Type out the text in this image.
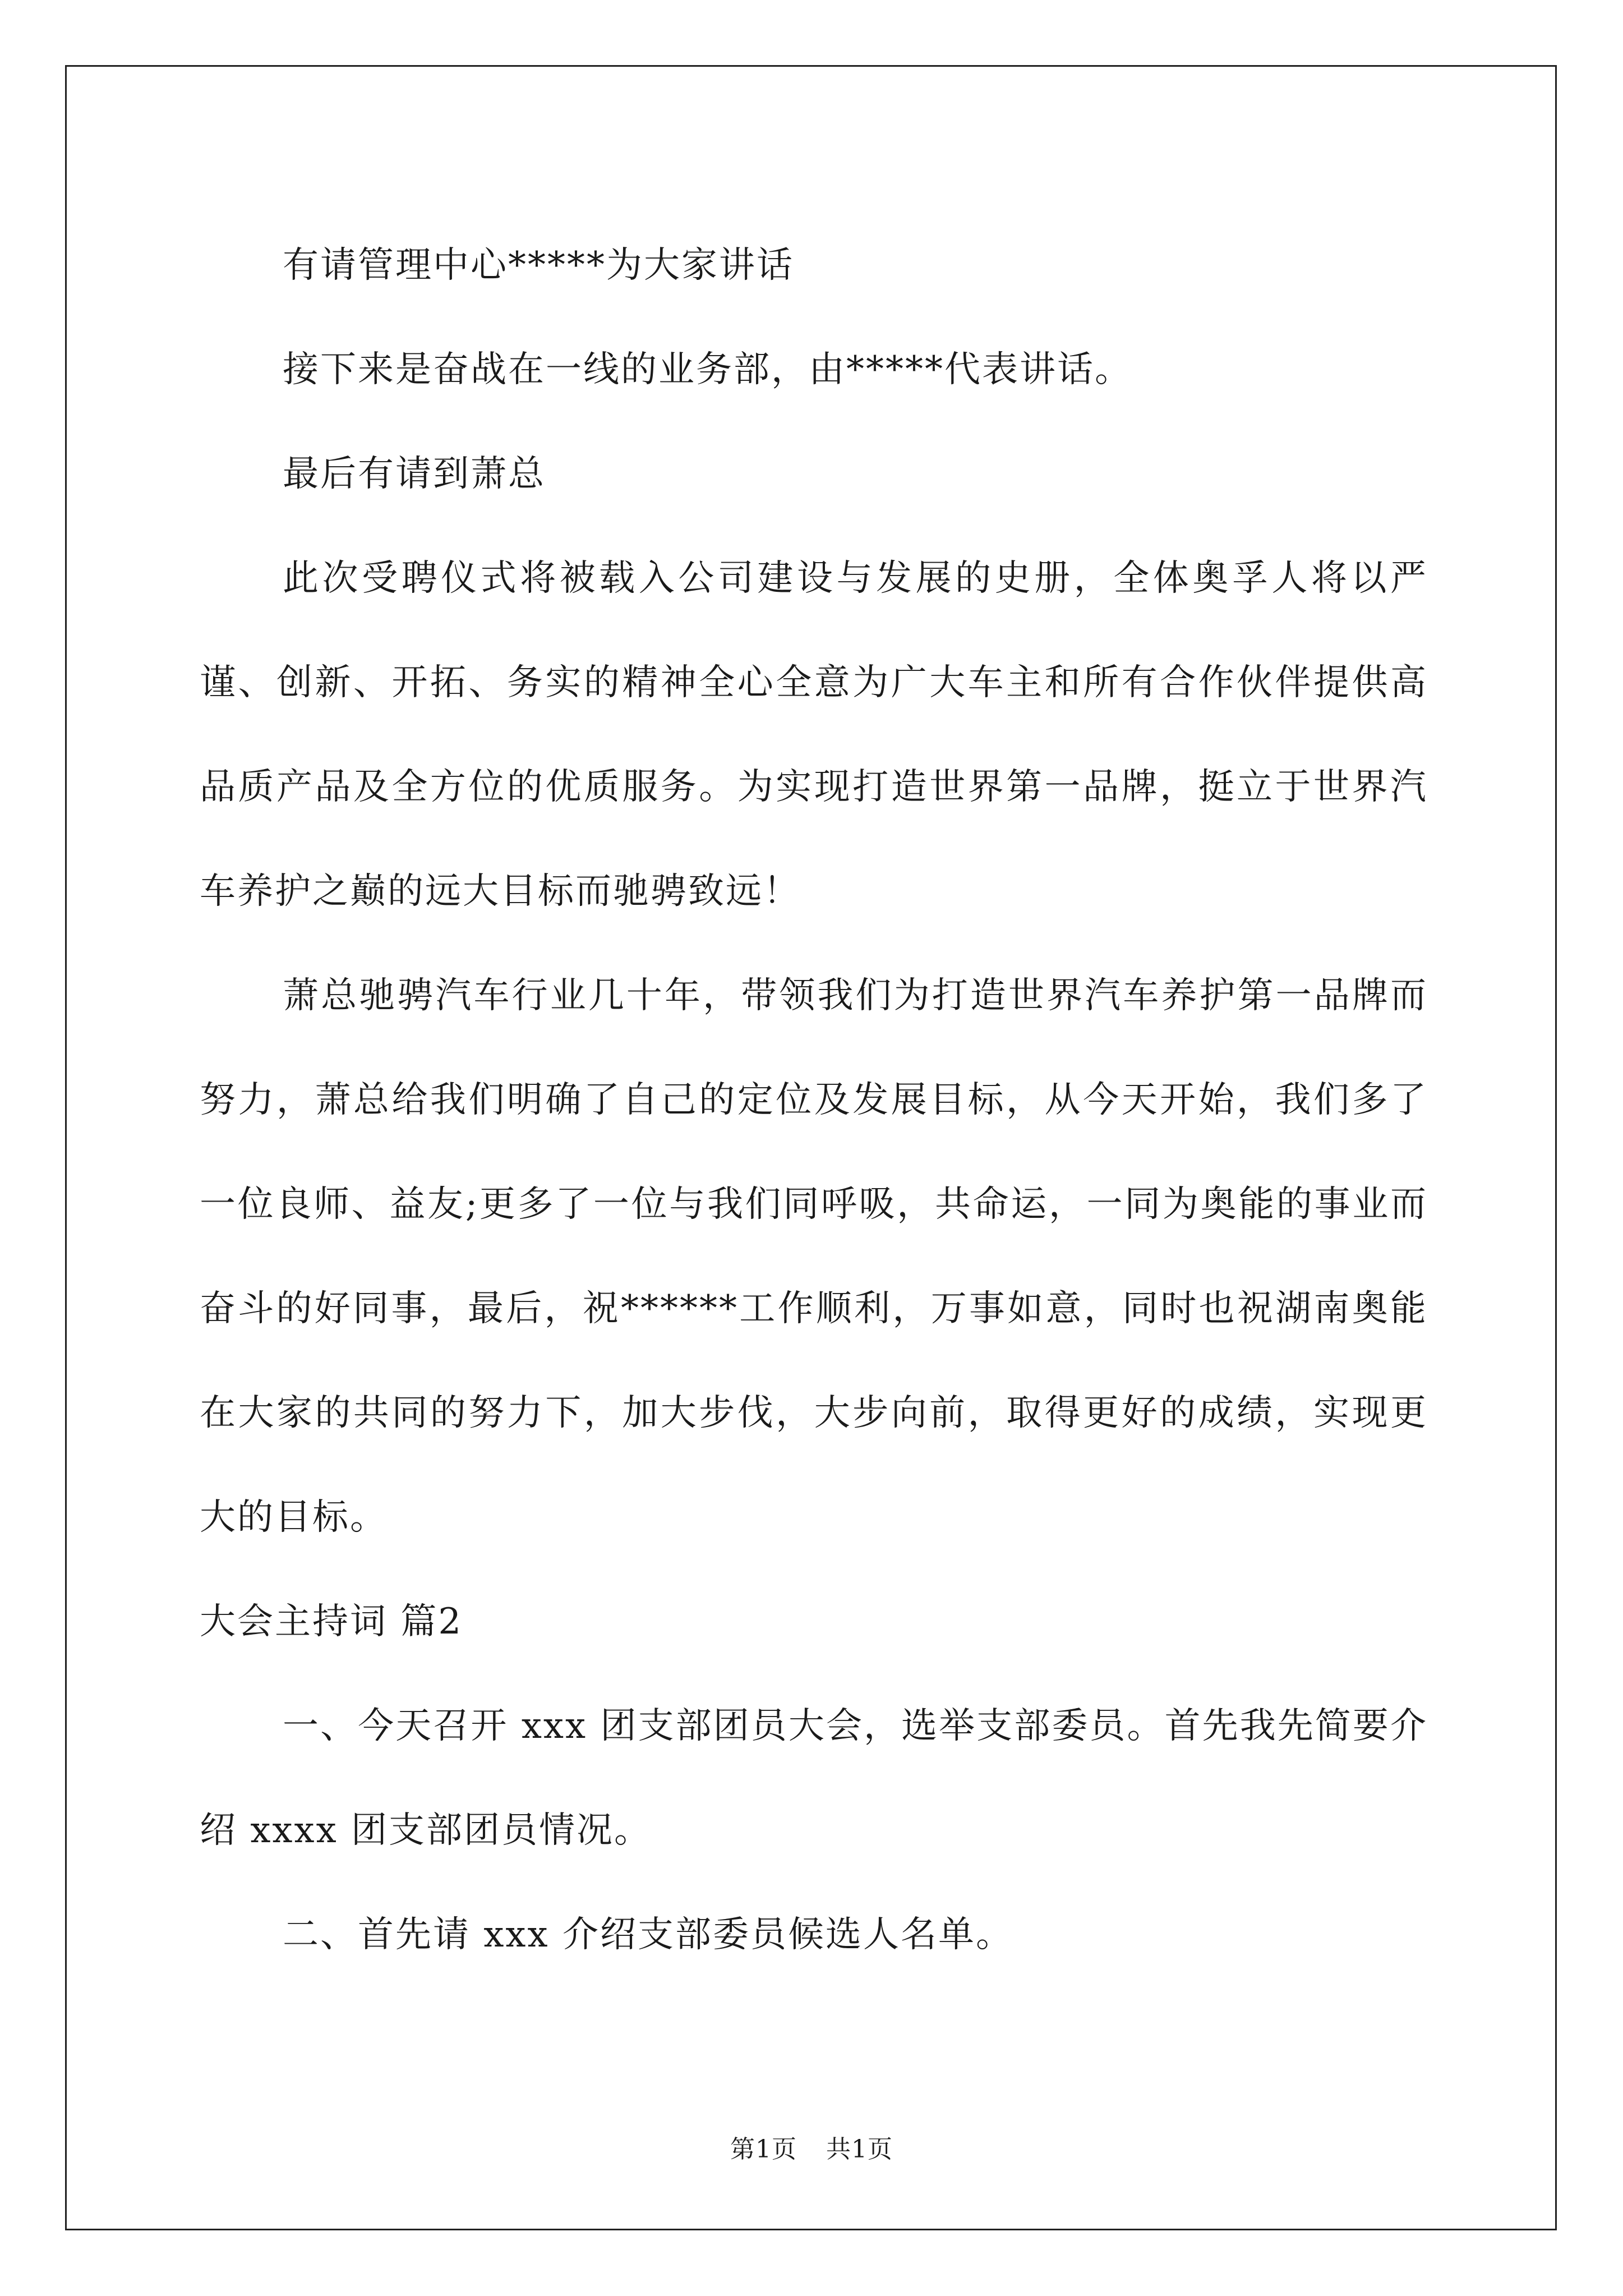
有请管理中心*****为大家讲话

接下来是奋战在一线的业务部，由*****代表讲话。

最后有请到萧总

此次受聘仪式将被载入公司建设与发展的史册，全体奥孚人将以严谨、创新、开拓、务实的精神全心全意为广大车主和所有合作伙伴提供高品质产品及全方位的优质服务。为实现打造世界第一品牌，挺立于世界汽车养护之巅的远大目标而驰骋致远！

萧总驰骋汽车行业几十年，带领我们为打造世界汽车养护第一品牌而努力，萧总给我们明确了自己的定位及发展目标，从今天开始，我们多了一位良师、益友;更多了一位与我们同呼吸，共命运，一同为奥能的事业而奋斗的好同事，最后，祝******工作顺利，万事如意，同时也祝湖南奥能在大家的共同的努力下，加大步伐，大步向前，取得更好的成绩，实现更大的目标。

大会主持词 篇2

一、今天召开 xxx 团支部团员大会，选举支部委员。首先我先简要介绍 xxxx 团支部团员情况。

二、首先请 xxx 介绍支部委员候选人名单。

第1页 共1页
